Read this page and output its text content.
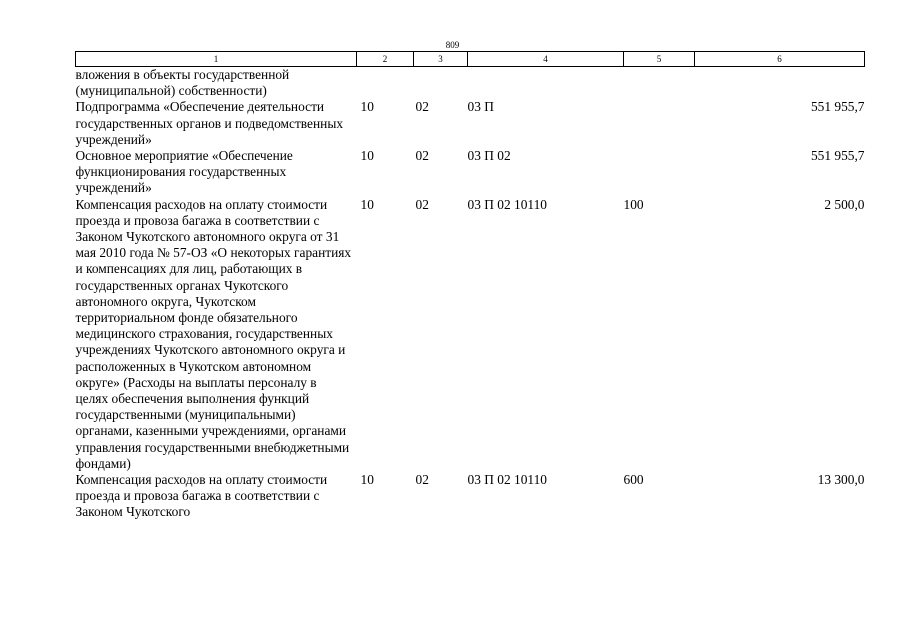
809
1	2	3	4	5	6
вложения в объекты государственной (муниципальной) собственности)					
Подпрограмма «Обеспечение деятельности государственных органов и подведомственных учреждений»	10	02	03 П		551 955,7
Основное мероприятие «Обеспечение функционирования государственных учреждений»	10	02	03 П 02		551 955,7
Компенсация расходов на оплату стоимости проезда и провоза багажа в соответствии с Законом Чукотского автономного округа от 31 мая 2010 года № 57-ОЗ «О некоторых гарантиях и компенсациях для лиц, работающих в государственных органах Чукотского автономного округа, Чукотском территориальном фонде обязательного медицинского страхования, государственных учреждениях Чукотского автономного округа и расположенных в Чукотском автономном округе» (Расходы на выплаты персоналу в целях обеспечения выполнения функций государственными (муниципальными) органами, казенными учреждениями, органами управления государственными внебюджетными фондами)	10	02	03 П 02 10110	100	2 500,0
Компенсация расходов на оплату стоимости проезда и провоза багажа в соответствии с Законом Чукотского	10	02	03 П 02 10110	600	13 300,0
